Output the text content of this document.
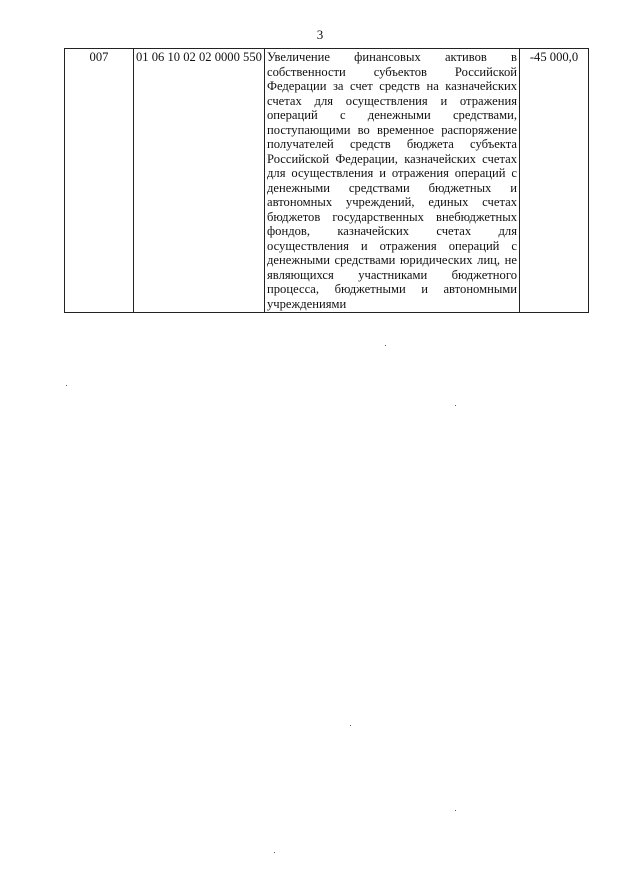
3
007	01 06 10 02 02 0000 550	Увеличение финансовых активов в собственности субъектов Российской Федерации за счет средств на казначейских счетах для осуществления и отражения операций с денежными средствами, поступающими во временное распоряжение получателей средств бюджета субъекта Российской Федерации, казначейских счетах для осуществления и отражения операций с денежными средствами бюджетных и автономных учреждений, единых счетах бюджетов государственных внебюджетных фондов, казначейских счетах для осуществления и отражения операций с денежными средствами юридических лиц, не являющихся участниками бюджетного процесса, бюджетными и автономными учреждениями	-45 000,0
